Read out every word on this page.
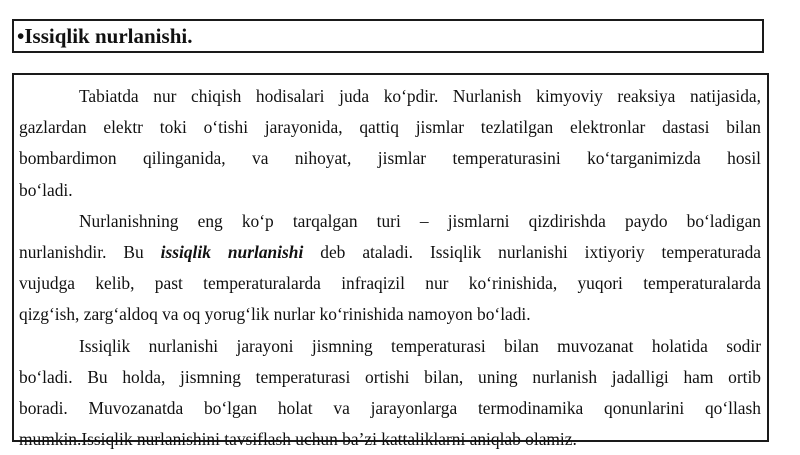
•Issiqlik nurlanishi.
Tabiatda nur chiqish hodisalari juda ko‘pdir. Nurlanish kimyoviy reaksiya natijasida,
gazlardan elektr toki o‘tishi jarayonida, qattiq jismlar tezlatilgan elektronlar dastasi bilan
bombardimon qilinganida, va nihoyat, jismlar temperaturasini ko‘targanimizda hosil
bo‘ladi.
Nurlanishning eng ko‘p tarqalgan turi – jismlarni qizdirishda paydo bo‘ladigan
nurlanishdir. Bu issiqlik nurlanishi deb ataladi. Issiqlik nurlanishi ixtiyoriy temperaturada
vujudga kelib, past temperaturalarda infraqizil nur ko‘rinishida, yuqori temperaturalarda
qizg‘ish, zarg‘aldoq va oq yorug‘lik nurlar ko‘rinishida namoyon bo‘ladi.
Issiqlik nurlanishi jarayoni jismning temperaturasi bilan muvozanat holatida sodir
bo‘ladi. Bu holda, jismning temperaturasi ortishi bilan, uning nurlanish jadalligi ham ortib
boradi. Muvozanatda bo‘lgan holat va jarayonlarga termodinamika qonunlarini qo‘llash
mumkin.Issiqlik nurlanishini tavsiflash uchun ba’zi kattaliklarni aniqlab olamiz.
